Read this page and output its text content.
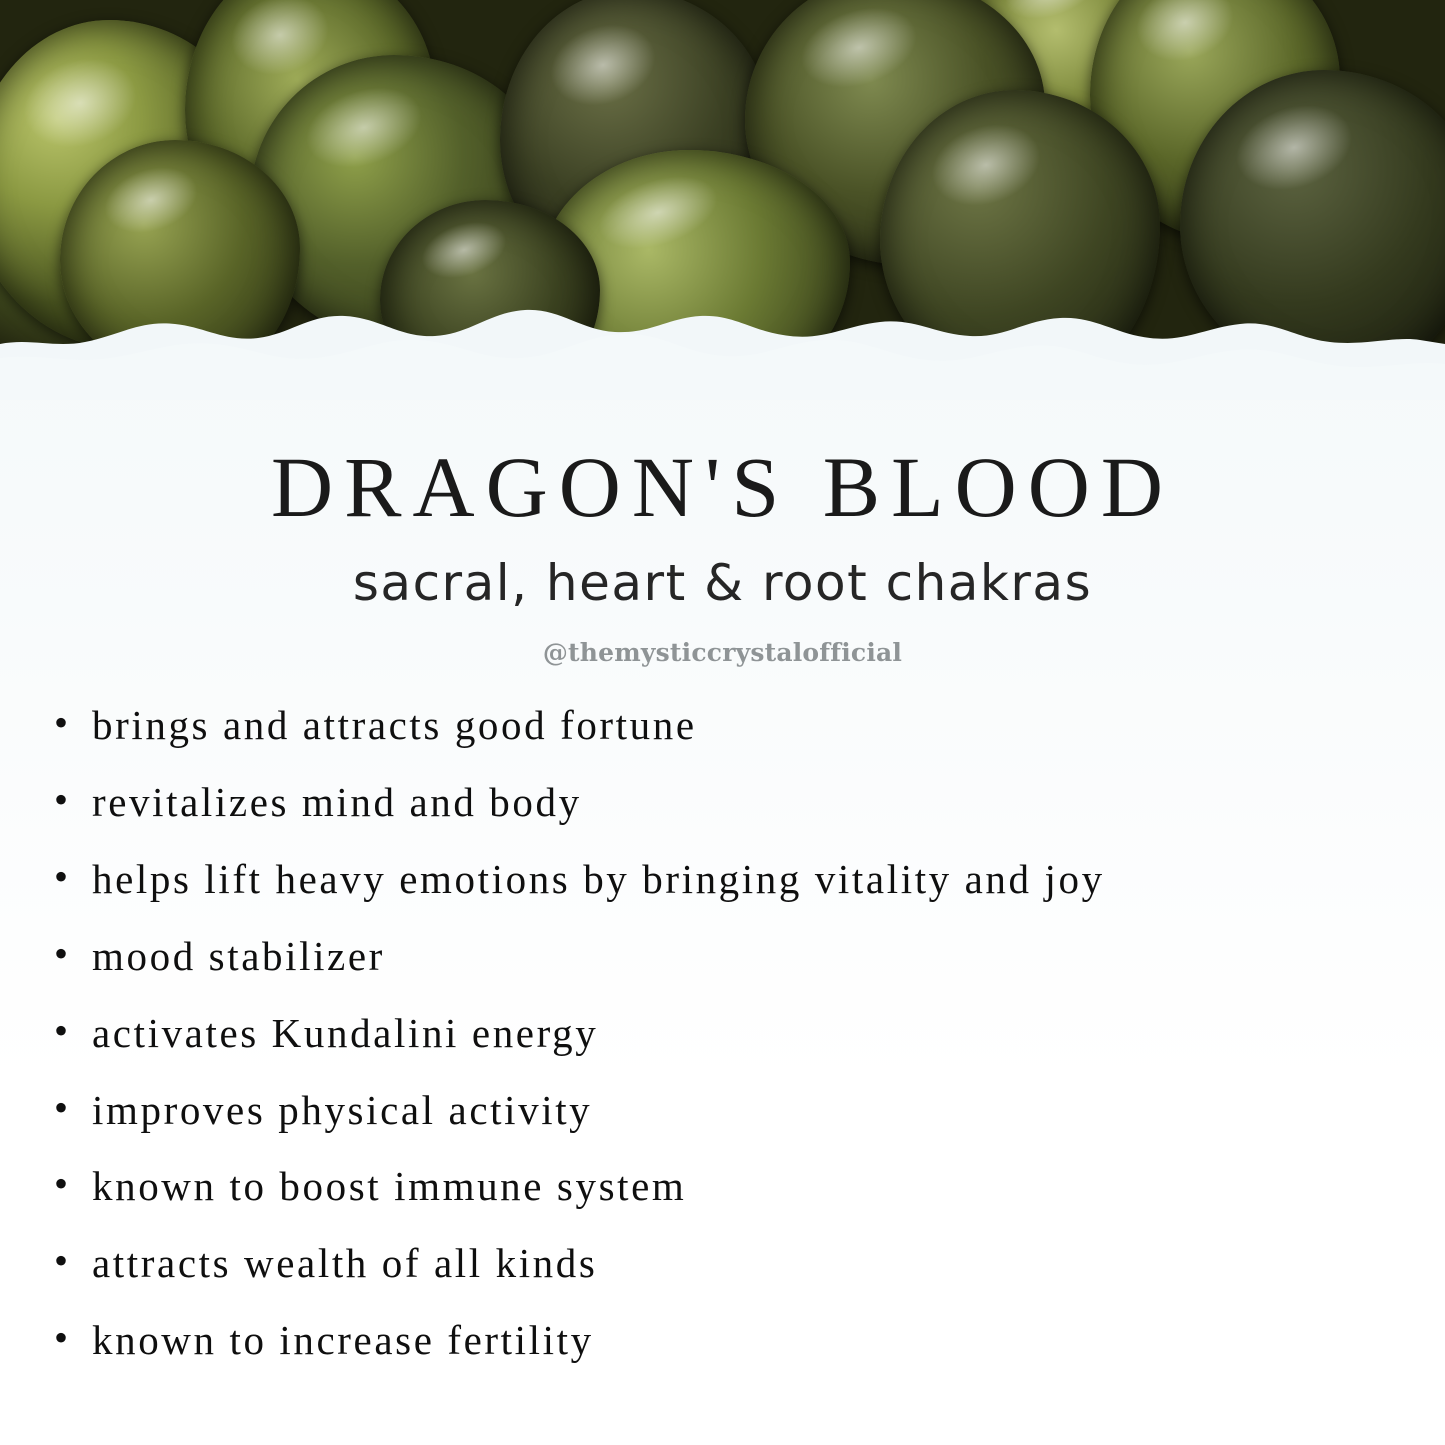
DRAGON'S BLOOD
sacral, heart & root chakras
@themysticcrystalofficial
• brings and attracts good fortune
• revitalizes mind and body
• helps lift heavy emotions by bringing vitality and joy
• mood stabilizer
• activates Kundalini energy
• improves physical activity
• known to boost immune system
• attracts wealth of all kinds
• known to increase fertility
